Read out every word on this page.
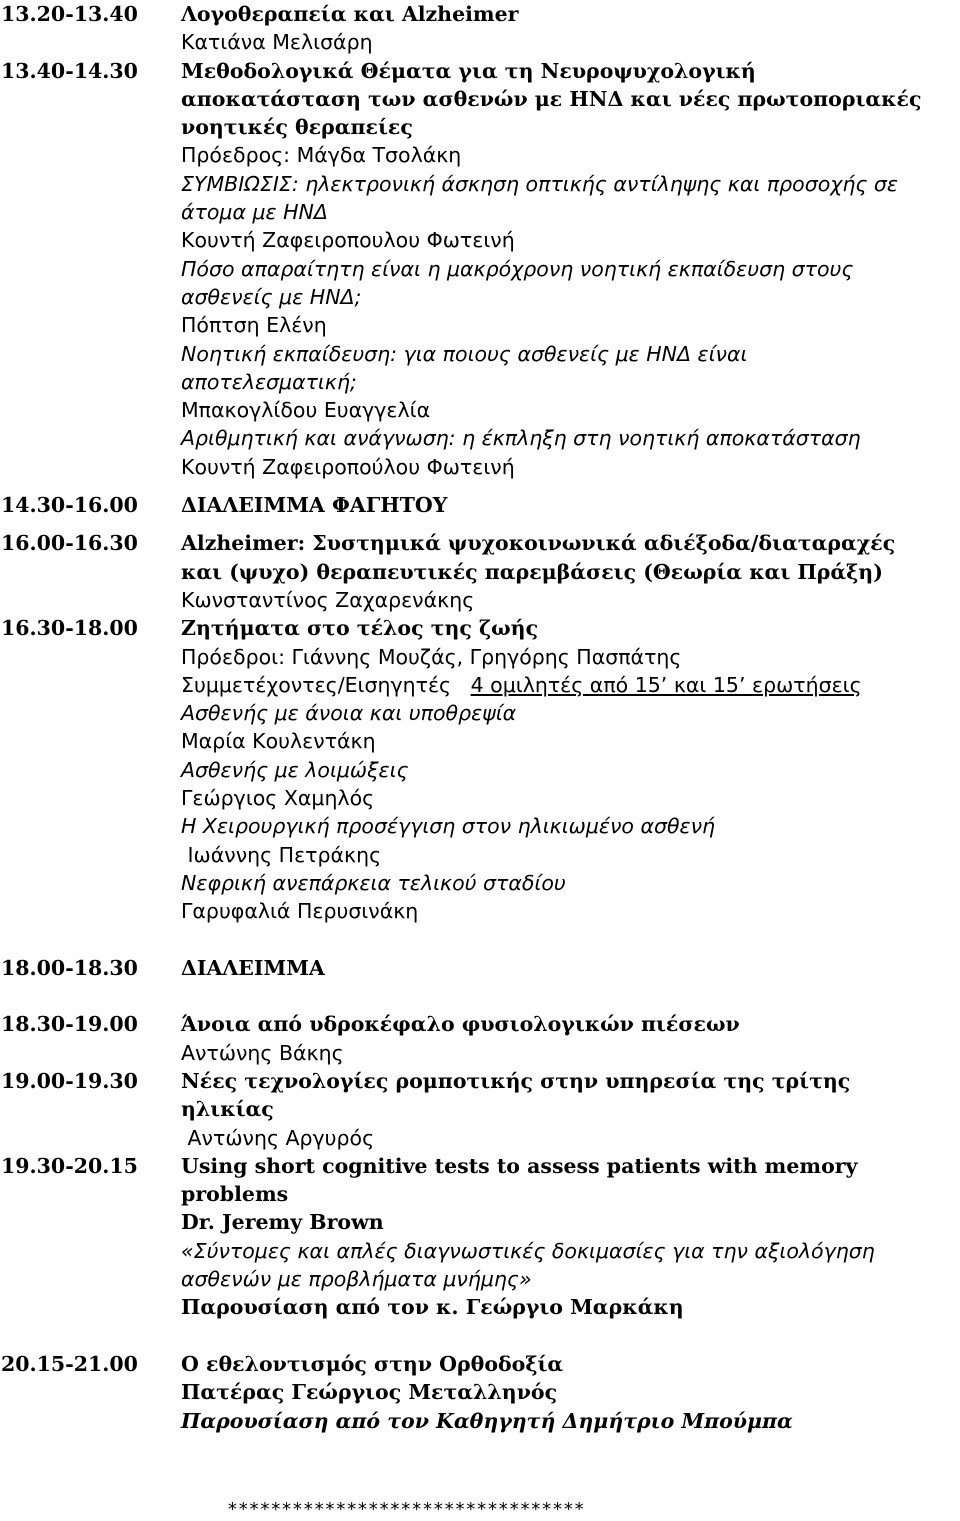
13.20-13.40 Λογοθεραπεία και Alzheimer
Κατιάνα Μελισάρη
13.40-14.30 Μεθοδολογικά Θέματα για τη Νευροψυχολογική
αποκατάσταση των ασθενών με ΗΝΔ και νέες πρωτοποριακές
νοητικές θεραπείες
Πρόεδρος: Μάγδα Τσολάκη
ΣΥΜΒΙΩΣΙΣ: ηλεκτρονική άσκηση οπτικής αντίληψης και προσοχής σε
άτομα με ΗΝΔ
Κουντή Ζαφειροπουλου Φωτεινή
Πόσο απαραίτητη είναι η μακρόχρονη νοητική εκπαίδευση στους
ασθενείς με ΗΝΔ;
Πόπτση Ελένη
Νοητική εκπαίδευση: για ποιους ασθενείς με ΗΝΔ είναι
αποτελεσματική;
Μπακογλίδου Ευαγγελία
Αριθμητική και ανάγνωση: η έκπληξη στη νοητική αποκατάσταση
Κουντή Ζαφειροπούλου Φωτεινή
14.30-16.00 ΔΙΑΛΕΙΜΜΑ ΦΑΓΗΤΟΥ
16.00-16.30 Alzheimer: Συστημικά ψυχοκοινωνικά αδιέξοδα/διαταραχές
και (ψυχο) θεραπευτικές παρεμβάσεις (Θεωρία και Πράξη)
Κωνσταντίνος Ζαχαρενάκης
16.30-18.00 Ζητήματα στο τέλος της ζωής
Πρόεδροι: Γιάννης Μουζάς, Γρηγόρης Πασπάτης
Συμμετέχοντες/Εισηγητές 4 ομιλητές από 15’ και 15’ ερωτήσεις
Ασθενής με άνοια και υποθρεψία
Μαρία Κουλεντάκη
Ασθενής με λοιμώξεις
Γεώργιος Χαμηλός
Η Χειρουργική προσέγγιση στον ηλικιωμένο ασθενή
Ιωάννης Πετράκης
Νεφρική ανεπάρκεια τελικού σταδίου
Γαρυφαλιά Περυσινάκη
18.00-18.30 ΔΙΑΛΕΙΜΜΑ
18.30-19.00 Άνοια από υδροκέφαλο φυσιολογικών πιέσεων
Αντώνης Βάκης
19.00-19.30 Νέες τεχνολογίες ρομποτικής στην υπηρεσία της τρίτης
ηλικίας
Αντώνης Αργυρός
19.30-20.15 Using short cognitive tests to assess patients with memory
problems
Dr. Jeremy Brown
«Σύντομες και απλές διαγνωστικές δοκιμασίες για την αξιολόγηση
ασθενών με προβλήματα μνήμης»
Παρουσίαση από τον κ. Γεώργιο Μαρκάκη
20.15-21.00 Ο εθελοντισμός στην Ορθοδοξία
Πατέρας Γεώργιος Μεταλληνός
Παρουσίαση από τον Καθηγητή Δημήτριο Μπούμπα
*********************************
